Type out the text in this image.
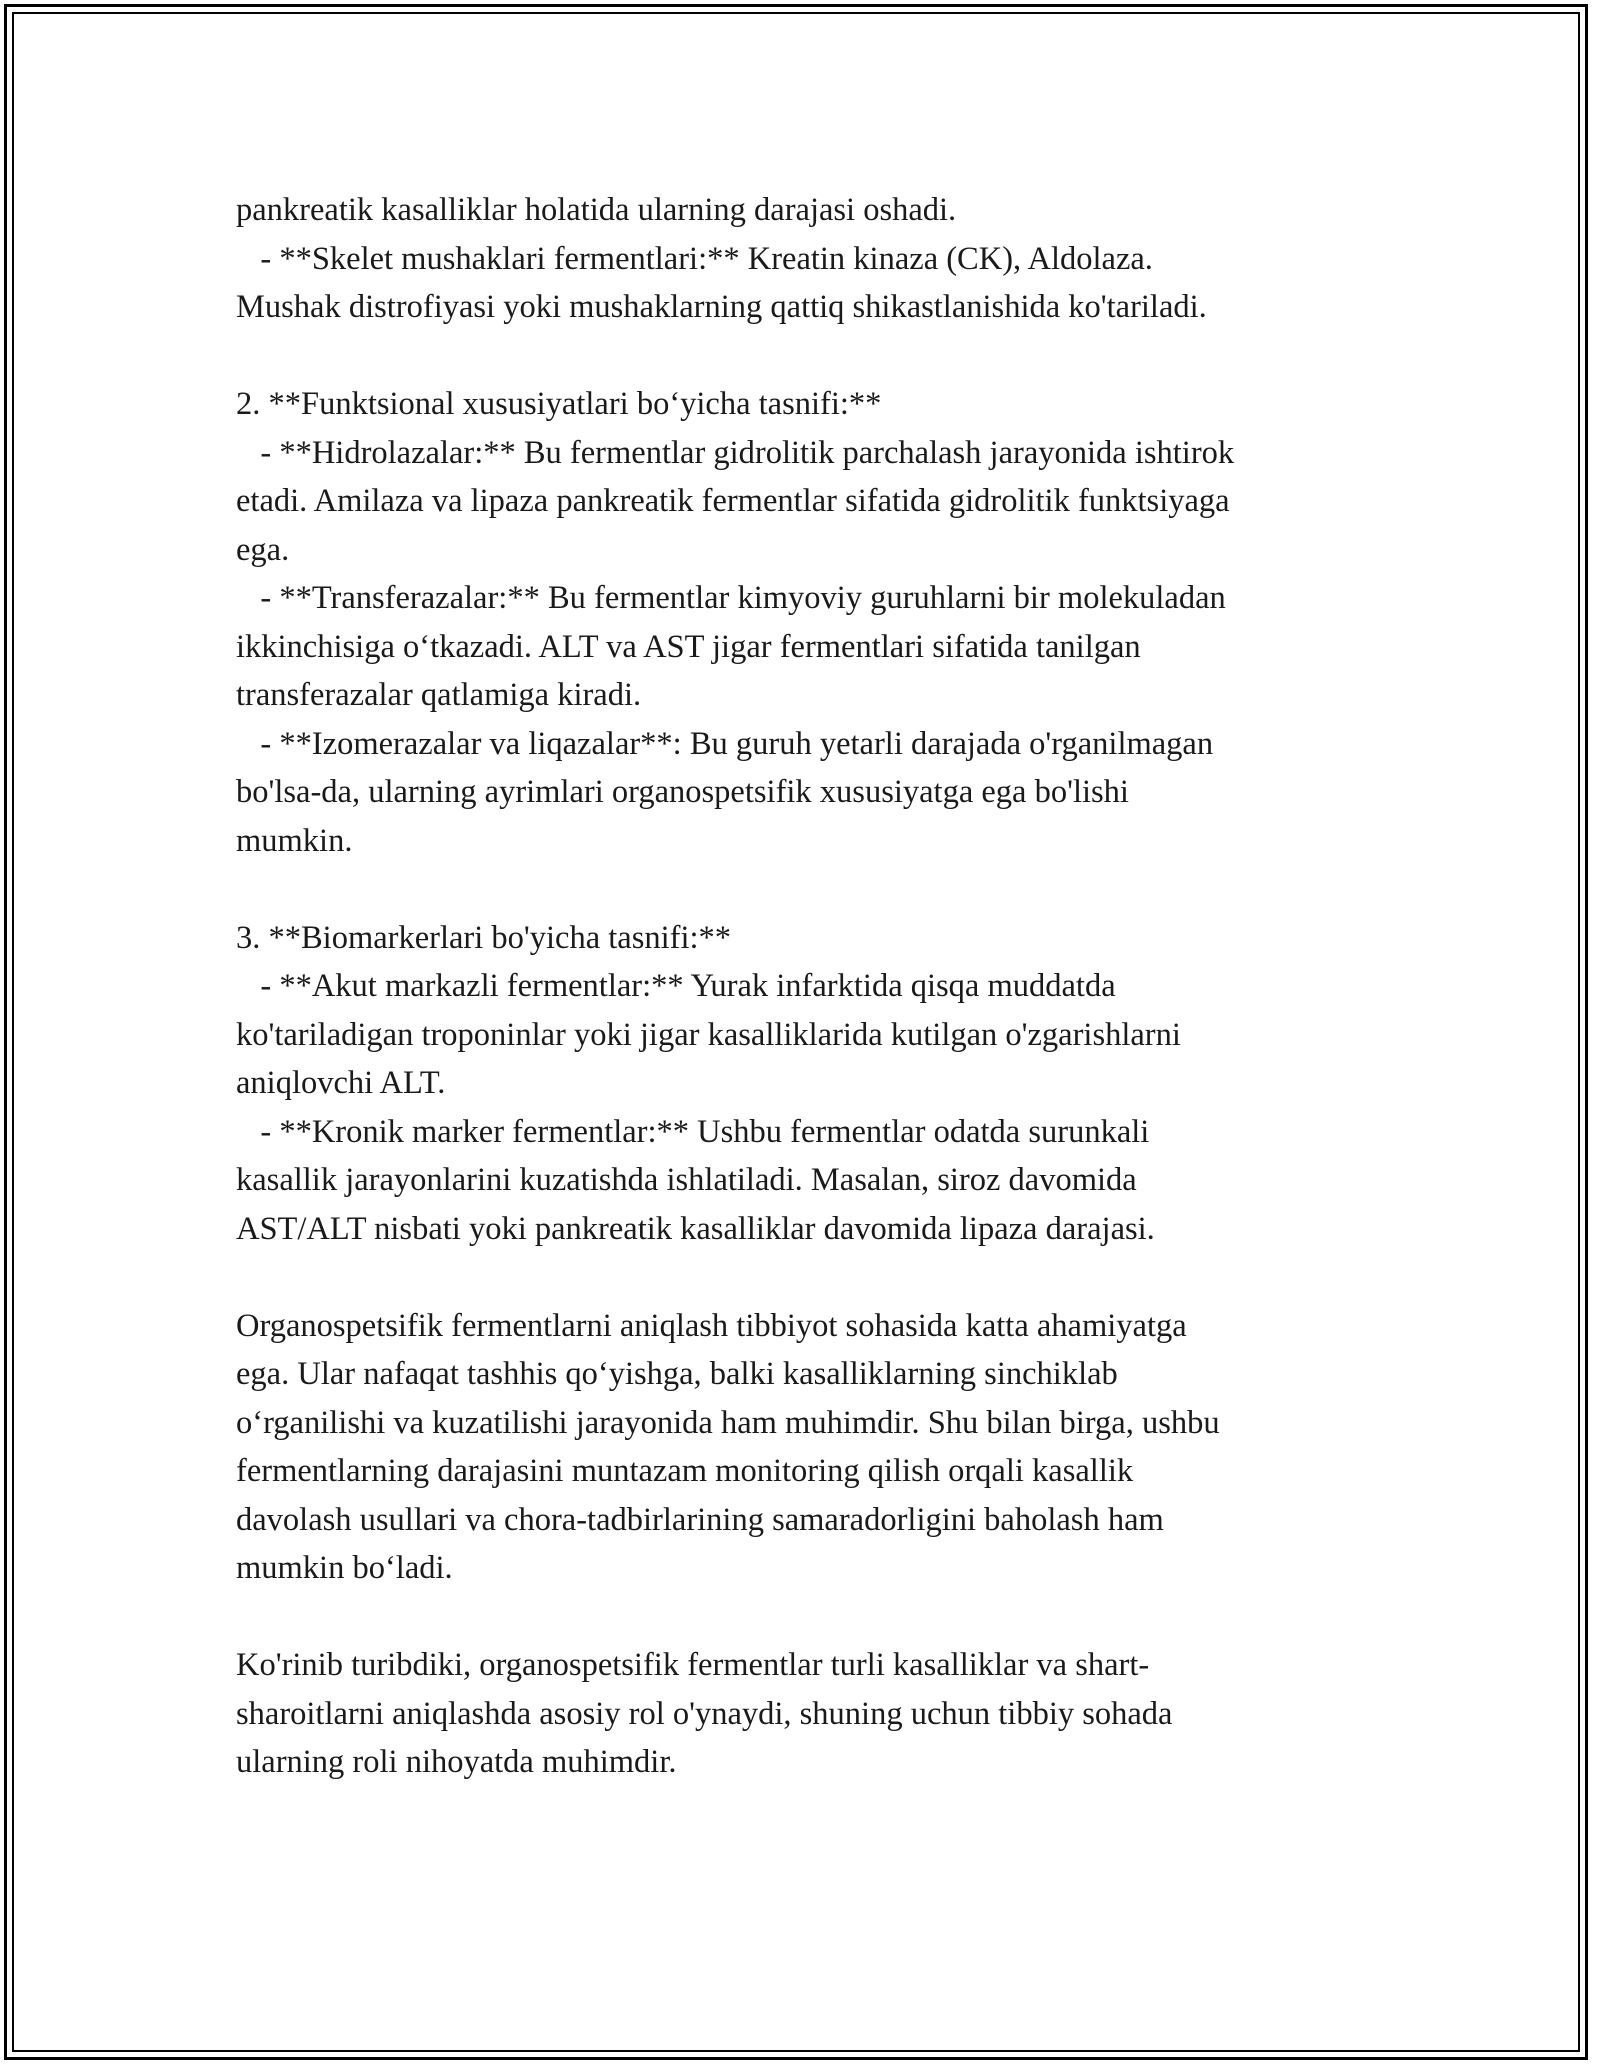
pankreatik kasalliklar holatida ularning darajasi oshadi.
- **Skelet mushaklari fermentlari:** Kreatin kinaza (CK), Aldolaza.
Mushak distrofiyasi yoki mushaklarning qattiq shikastlanishida ko'tariladi.
2. **Funktsional xususiyatlari bo‘yicha tasnifi:**
- **Hidrolazalar:** Bu fermentlar gidrolitik parchalash jarayonida ishtirok
etadi. Amilaza va lipaza pankreatik fermentlar sifatida gidrolitik funktsiyaga
ega.
- **Transferazalar:** Bu fermentlar kimyoviy guruhlarni bir molekuladan
ikkinchisiga o‘tkazadi. ALT va AST jigar fermentlari sifatida tanilgan
transferazalar qatlamiga kiradi.
- **Izomerazalar va liqazalar**: Bu guruh yetarli darajada o'rganilmagan
bo'lsa-da, ularning ayrimlari organospetsifik xususiyatga ega bo'lishi
mumkin.
3. **Biomarkerlari bo'yicha tasnifi:**
- **Akut markazli fermentlar:** Yurak infarktida qisqa muddatda
ko'tariladigan troponinlar yoki jigar kasalliklarida kutilgan o'zgarishlarni
aniqlovchi ALT.
- **Kronik marker fermentlar:** Ushbu fermentlar odatda surunkali
kasallik jarayonlarini kuzatishda ishlatiladi. Masalan, siroz davomida
AST/ALT nisbati yoki pankreatik kasalliklar davomida lipaza darajasi.
Organospetsifik fermentlarni aniqlash tibbiyot sohasida katta ahamiyatga
ega. Ular nafaqat tashhis qo‘yishga, balki kasalliklarning sinchiklab
o‘rganilishi va kuzatilishi jarayonida ham muhimdir. Shu bilan birga, ushbu
fermentlarning darajasini muntazam monitoring qilish orqali kasallik
davolash usullari va chora-tadbirlarining samaradorligini baholash ham
mumkin bo‘ladi.
Ko'rinib turibdiki, organospetsifik fermentlar turli kasalliklar va shart-
sharoitlarni aniqlashda asosiy rol o'ynaydi, shuning uchun tibbiy sohada
ularning roli nihoyatda muhimdir.
